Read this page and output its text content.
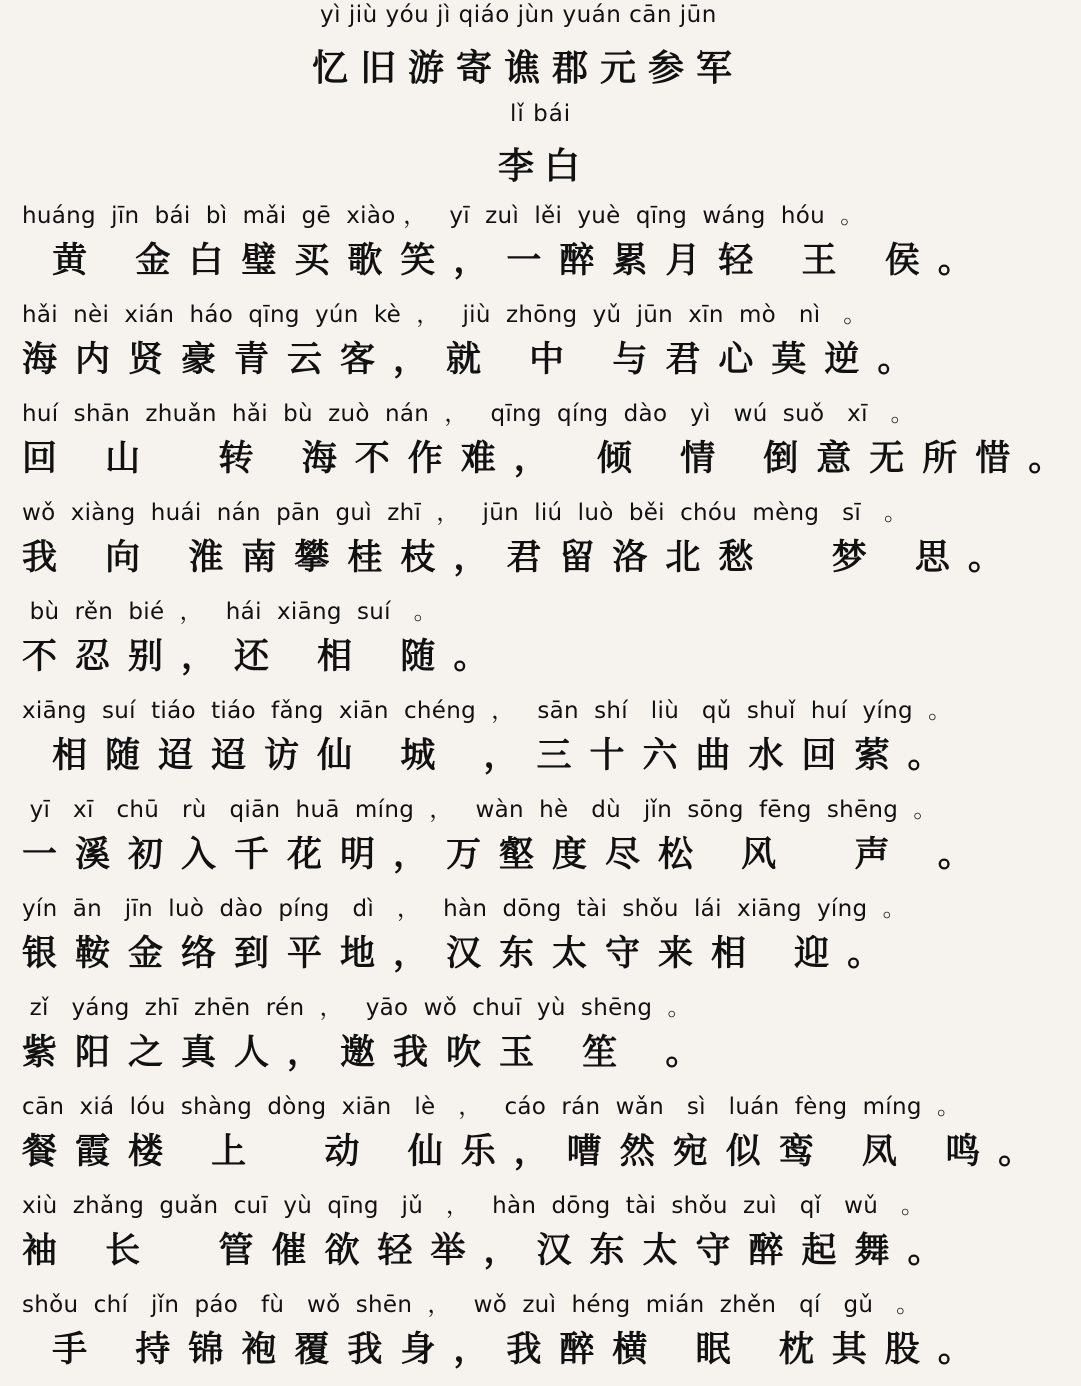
yì jiù yóu jì qiáo jùn yuán cān jūn
忆旧游寄谯郡元参军
lǐ bái
李白
huáng  jīn  bái  bì  mǎi  gē  xiào ，   yī  zuì  lěi  yuè  qīng  wáng  hóu  。
黄 金白璧买歌笑，一醉累月轻 王 侯。
hǎi  nèi  xián  háo  qīng  yún  kè  ，   jiù  zhōng  yǔ  jūn  xīn  mò   nì   。
海内贤豪青云客，就 中 与君心莫逆。
huí  shān  zhuǎn  hǎi  bù  zuò  nán  ，   qīng  qíng  dào   yì   wú  suǒ   xī   。
回 山  转 海不作难， 倾 情 倒意无所惜。
wǒ  xiàng  huái  nán  pān  guì  zhī  ，   jūn  liú  luò  běi  chóu  mèng   sī   。
我 向 淮南攀桂枝，君留洛北愁  梦 思。
bù  rěn  bié  ，   hái  xiāng  suí   。
不忍别，还 相 随。
xiāng  suí  tiáo  tiáo  fǎng  xiān  chéng  ，   sān  shí   liù   qǔ  shuǐ  huí  yíng  。
相随迢迢访仙 城 ，三十六曲水回萦。
yī   xī   chū   rù   qiān  huā  míng  ，   wàn  hè   dù   jǐn  sōng  fēng  shēng  。
一溪初入千花明，万壑度尽松 风  声 。
yín  ān   jīn  luò  dào  píng   dì   ，   hàn  dōng  tài  shǒu  lái  xiāng  yíng  。
银鞍金络到平地，汉东太守来相 迎。
zǐ   yáng  zhī  zhēn  rén  ，   yāo  wǒ  chuī  yù  shēng  。
紫阳之真人，邀我吹玉 笙 。
cān  xiá  lóu  shàng  dòng  xiān   lè   ，   cáo  rán  wǎn   sì   luán  fèng  míng  。
餐霞楼 上  动 仙乐，嘈然宛似鸾 凤 鸣。
xiù  zhǎng  guǎn  cuī  yù  qīng   jǔ   ，   hàn  dōng  tài  shǒu  zuì   qǐ   wǔ   。
袖 长  管催欲轻举，汉东太守醉起舞。
shǒu  chí   jǐn  páo   fù   wǒ  shēn  ，   wǒ  zuì  héng  mián  zhěn   qí   gǔ   。
手 持锦袍覆我身，我醉横 眠 枕其股。
